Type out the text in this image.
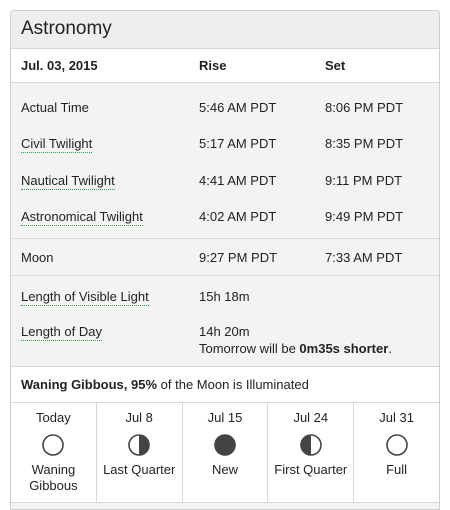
Astronomy
Jul. 03, 2015	Rise	Set
Actual Time	5:46 AM PDT	8:06 PM PDT
Civil Twilight	5:17 AM PDT	8:35 PM PDT
Nautical Twilight	4:41 AM PDT	9:11 PM PDT
Astronomical Twilight	4:02 AM PDT	9:49 PM PDT
Moon	9:27 PM PDT	7:33 AM PDT
Length of Visible Light	15h 18m
Length of Day	14h 20m
Tomorrow will be 0m35s shorter.
Waning Gibbous, 95% of the Moon is Illuminated
Today
Waning Gibbous
Jul 8
Last Quarter
Jul 15
New
Jul 24
First Quarter
Jul 31
Full
